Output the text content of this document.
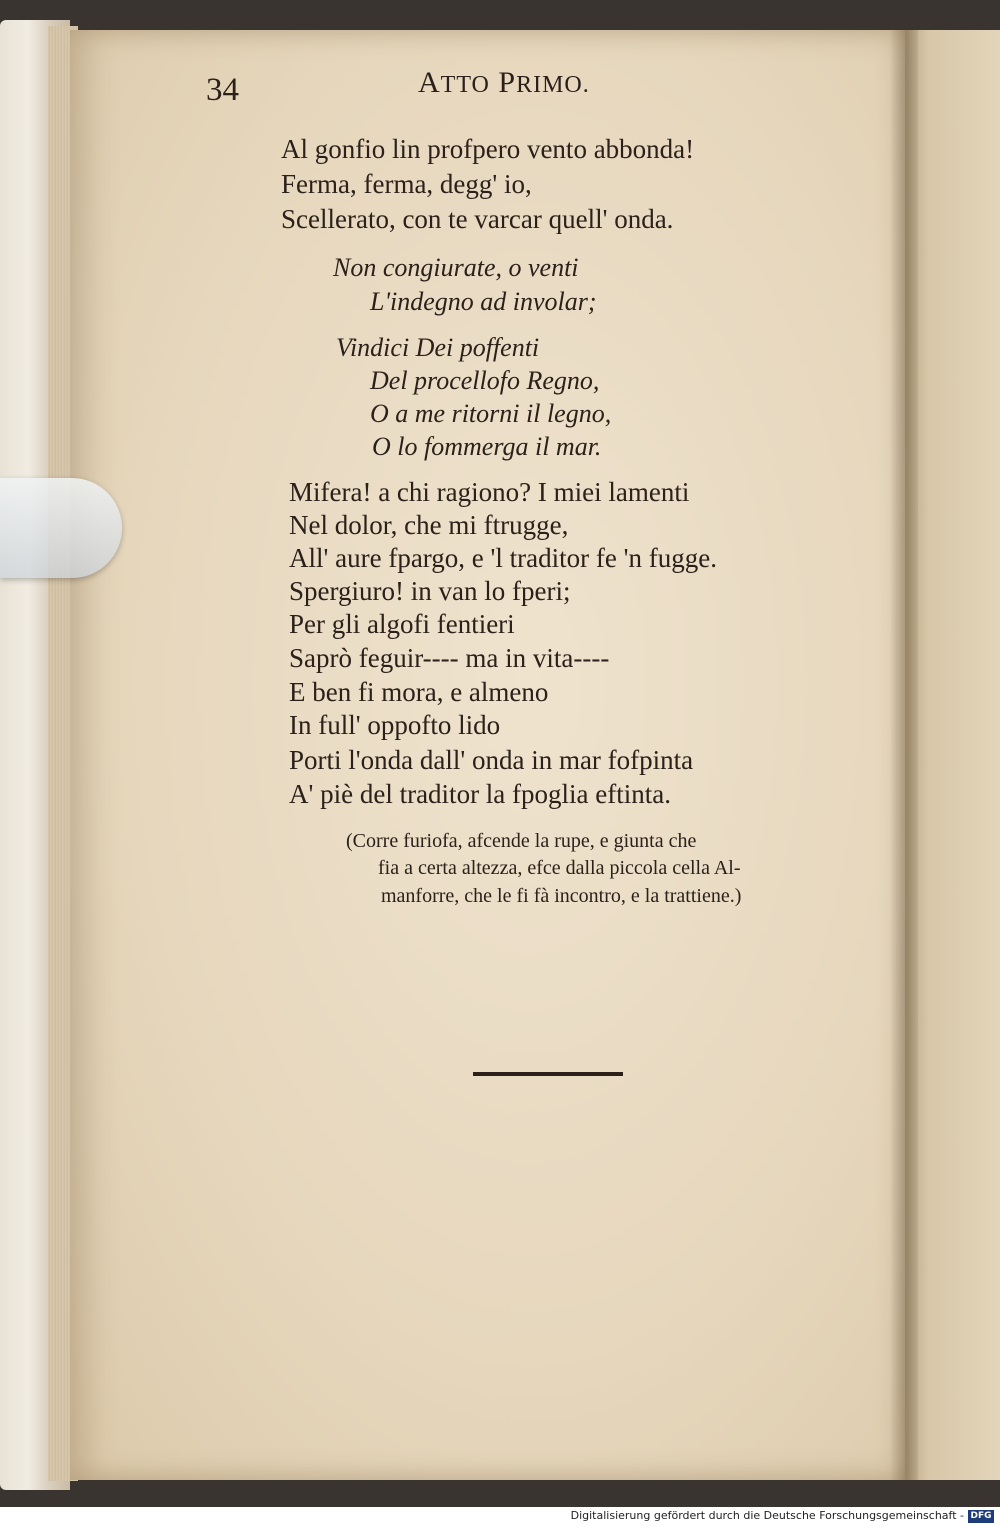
34	ATTO PRIMO.
Al gonfio lin profpero vento abbonda!
Ferma, ferma, degg' io,
Scellerato, con te varcar quell' onda.
Non congiurate, o venti
L'indegno ad involar;
Vindici Dei poffenti
Del procellofo Regno,
O a me ritorni il legno,
O lo fommerga il mar.
Mifera! a chi ragiono? I miei lamenti
Nel dolor, che mi ftrugge,
All' aure fpargo, e 'l traditor fe 'n fugge.
Spergiuro! in van lo fperi;
Per gli algofi fentieri
Saprò feguir---- ma in vita----
E ben fi mora, e almeno
In full' oppofto lido
Porti l'onda dall' onda in mar fofpinta
A' piè del traditor la fpoglia eftinta.
(Corre furiofa, afcende la rupe, e giunta che
fia a certa altezza, efce dalla piccola cella Al-
manforre, che le fi fà incontro, e la trattiene.)
Digitalisierung gefördert durch die Deutsche Forschungsgemeinschaft - DFG
